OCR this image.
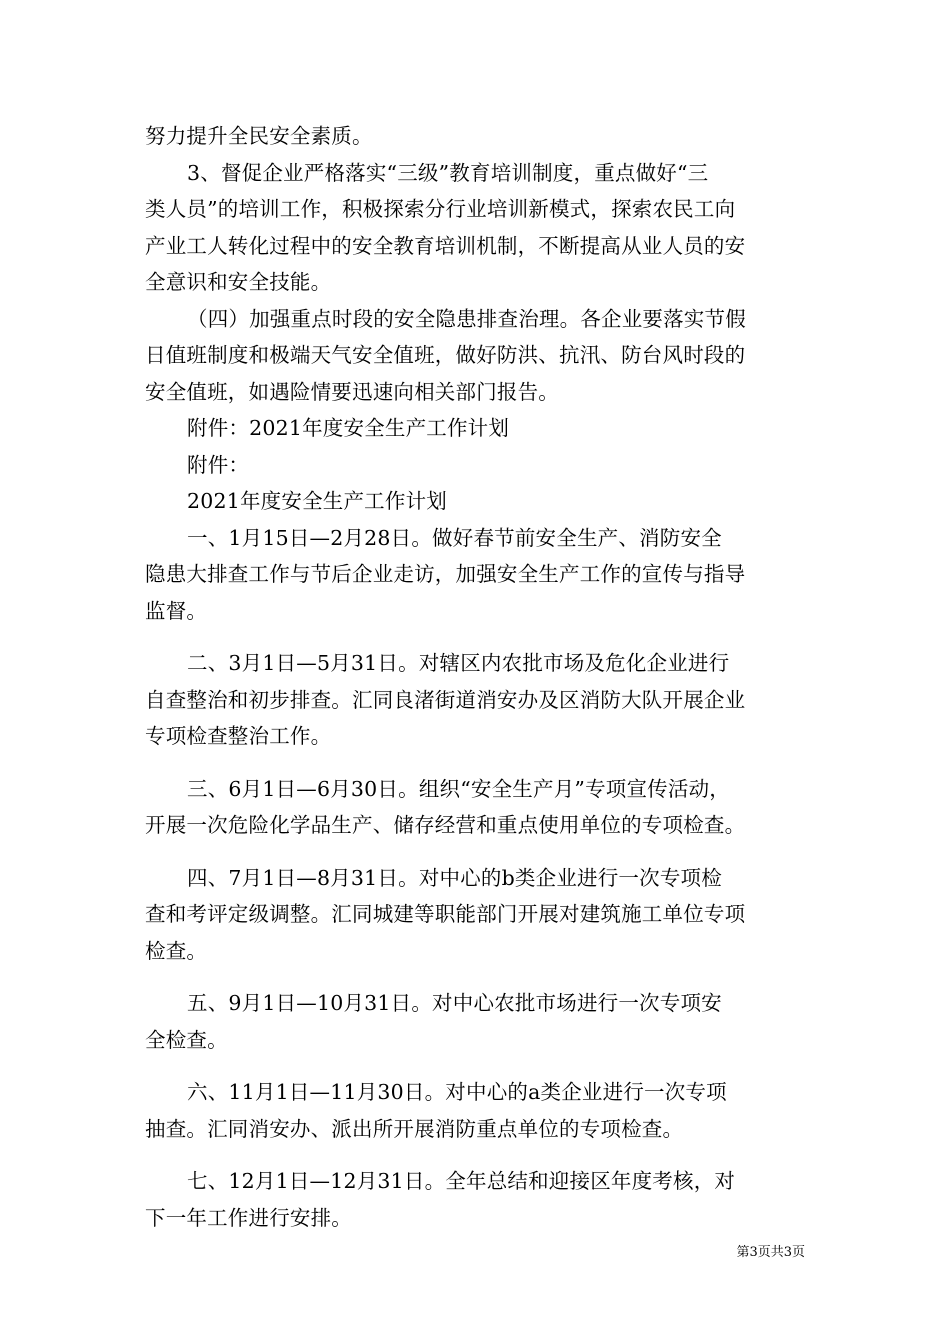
努力提升全民安全素质。
3、督促企业严格落实“三级”教育培训制度，重点做好“三
类人员”的培训工作，积极探索分行业培训新模式，探索农民工向
产业工人转化过程中的安全教育培训机制，不断提高从业人员的安
全意识和安全技能。
（四）加强重点时段的安全隐患排查治理。各企业要落实节假
日值班制度和极端天气安全值班，做好防洪、抗汛、防台风时段的
安全值班，如遇险情要迅速向相关部门报告。
附件：2021年度安全生产工作计划
附件：
2021年度安全生产工作计划
一、1月15日—2月28日。做好春节前安全生产、消防安全
隐患大排查工作与节后企业走访，加强安全生产工作的宣传与指导
监督。
二、3月1日—5月31日。对辖区内农批市场及危化企业进行
自查整治和初步排查。汇同良渚街道消安办及区消防大队开展企业
专项检查整治工作。
三、6月1日—6月30日。组织“安全生产月”专项宣传活动，
开展一次危险化学品生产、储存经营和重点使用单位的专项检查。
四、7月1日—8月31日。对中心的b类企业进行一次专项检
查和考评定级调整。汇同城建等职能部门开展对建筑施工单位专项
检查。
五、9月1日—10月31日。对中心农批市场进行一次专项安
全检查。
六、11月1日—11月30日。对中心的a类企业进行一次专项
抽查。汇同消安办、派出所开展消防重点单位的专项检查。
七、12月1日—12月31日。全年总结和迎接区年度考核，对
下一年工作进行安排。
第3页共3页
